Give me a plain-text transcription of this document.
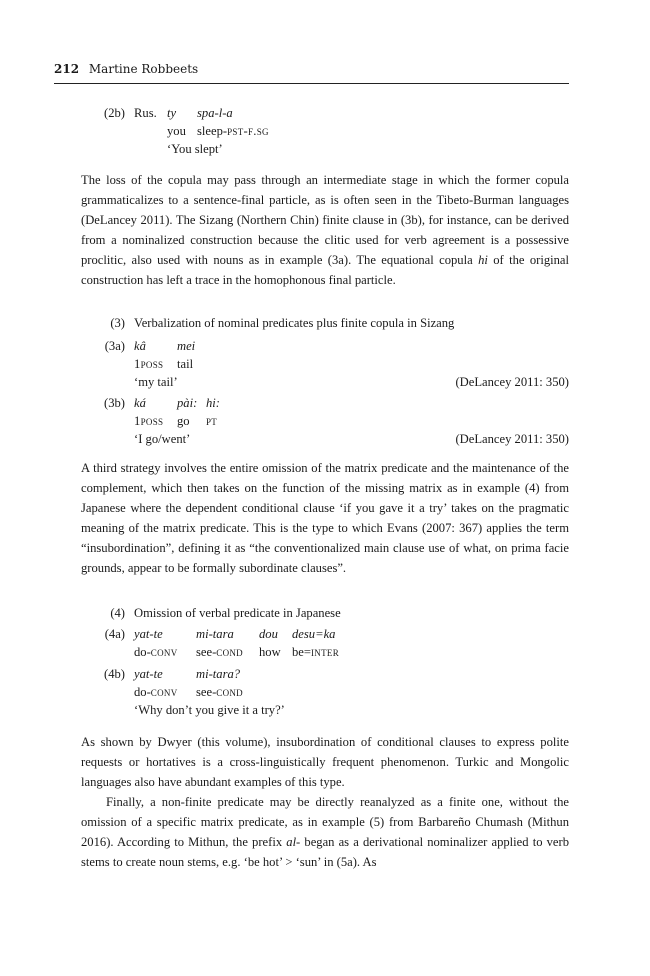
212 Martine Robbeets
(2b) Rus. ty spa-l-a
you sleep-pst-f.sg
‘You slept’

The loss of the copula may pass through an intermediate stage in which the former copula grammaticalizes to a sentence-final particle, as is often seen in the Tibeto-Burman languages (DeLancey 2011). The Sizang (Northern Chin) finite clause in (3b), for instance, can be derived from a nominalized construction because the clitic used for verb agreement is a possessive proclitic, also used with nouns as in example (3a). The equational copula hi of the original construction has left a trace in the homophonous final particle.

(3) Verbalization of nominal predicates plus finite copula in Sizang
(3a) kâ mei
1poss tail
‘my tail’	(DeLancey 2011: 350)
(3b) ká pài: hi:
1poss go pt
‘I go/went’	(DeLancey 2011: 350)

A third strategy involves the entire omission of the matrix predicate and the maintenance of the complement, which then takes on the function of the missing matrix as in example (4) from Japanese where the dependent conditional clause ‘if you gave it a try’ takes on the pragmatic meaning of the matrix predicate. This is the type to which Evans (2007: 367) applies the term “insubordination”, defining it as “the conventionalized main clause use of what, on prima facie grounds, appear to be formally subordinate clauses”.

(4) Omission of verbal predicate in Japanese
(4a) yat-te	mi-tara dou desu=ka
do-conv see-cond how be=inter
(4b) yat-te	mi-tara?
do-conv see-cond
‘Why don’t you give it a try?’

As shown by Dwyer (this volume), insubordination of conditional clauses to express polite requests or hortatives is a cross-linguistically frequent phenomenon. Turkic and Mongolic languages also have abundant examples of this type.

Finally, a non-finite predicate may be directly reanalyzed as a finite one, without the omission of a specific matrix predicate, as in example (5) from Barbareño Chumash (Mithun 2016). According to Mithun, the prefix al- began as a derivational nominalizer applied to verb stems to create noun stems, e.g. ‘be hot’ > ‘sun’ in (5a). As
